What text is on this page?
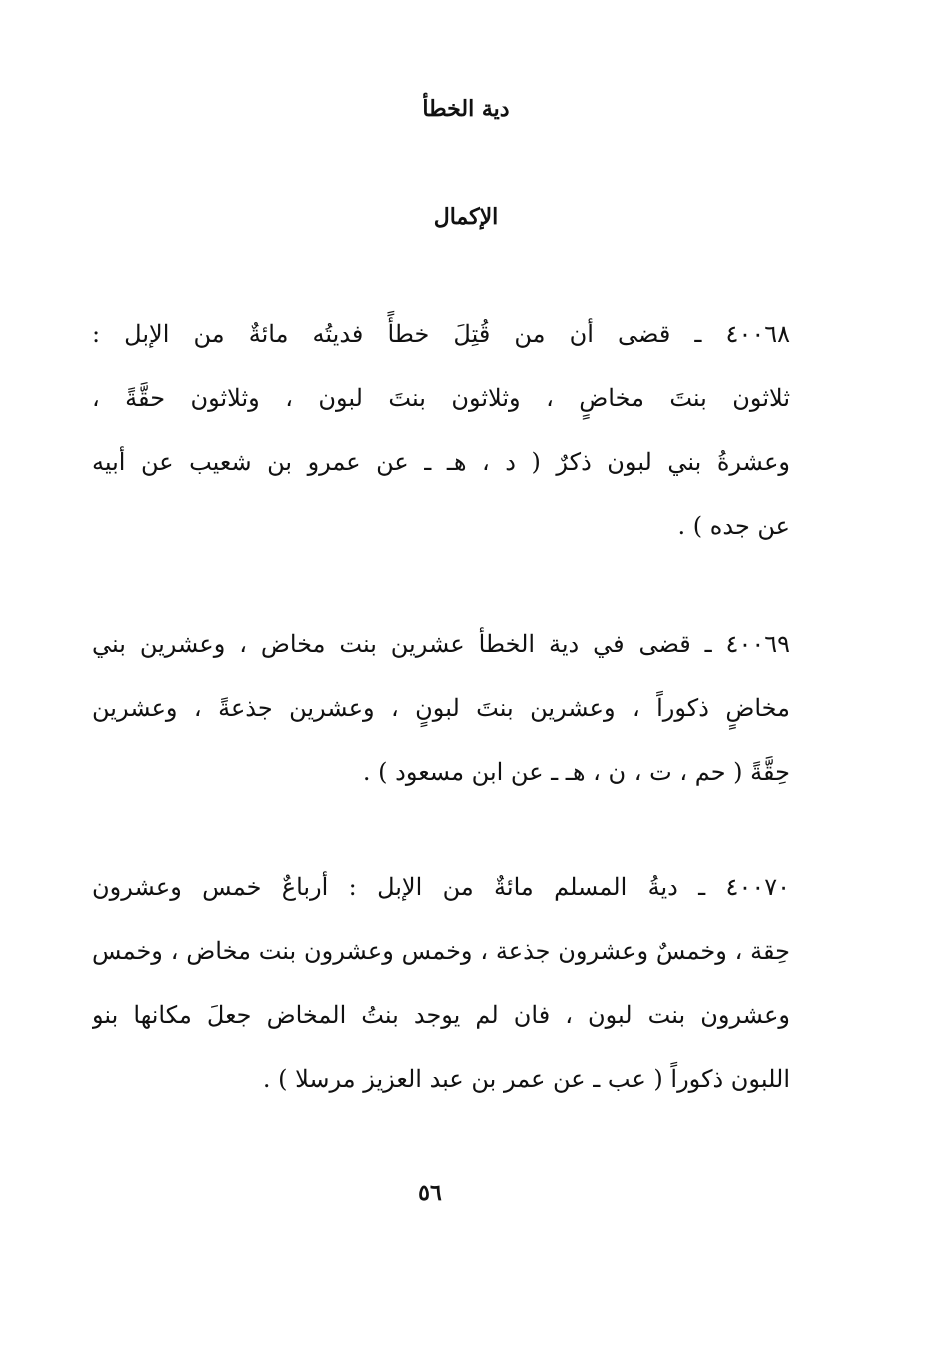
دية الخطأ
الإكمال
٤٠٠٦٨ ـ قضى أن من قُتِلَ خطأً فديتُه مائةٌ من الإبل :
ثلاثون بنتَ مخاضٍ ، وثلاثون بنتَ لبون ، وثلاثون حقَّةً ،
وعشرةُ بني لبون ذكرٌ ( د ، هـ ـ عن عمرو بن شعيب عن أبيه
عن جده ) .
٤٠٠٦٩ ـ قضى في دية الخطأ عشرين بنت مخاض ، وعشرين بني
مخاضٍ ذكوراً ، وعشرين بنتَ لبونٍ ، وعشرين جذعةً ، وعشرين
حِقَّةً ( حم ، ت ، ن ، هـ ـ عن ابن مسعود ) .
٤٠٠٧٠ ـ ديةُ المسلم مائةٌ من الإبل : أرباعٌ خمس وعشرون
حِقة ، وخمسٌ وعشرون جذعة ، وخمس وعشرون بنت مخاض ، وخمس
وعشرون بنت لبون ، فان لم يوجد بنتُ المخاض جعلَ مكانها بنو
اللبون ذكوراً ( عب ـ عن عمر بن عبد العزيز مرسلا ) .
٥٦
